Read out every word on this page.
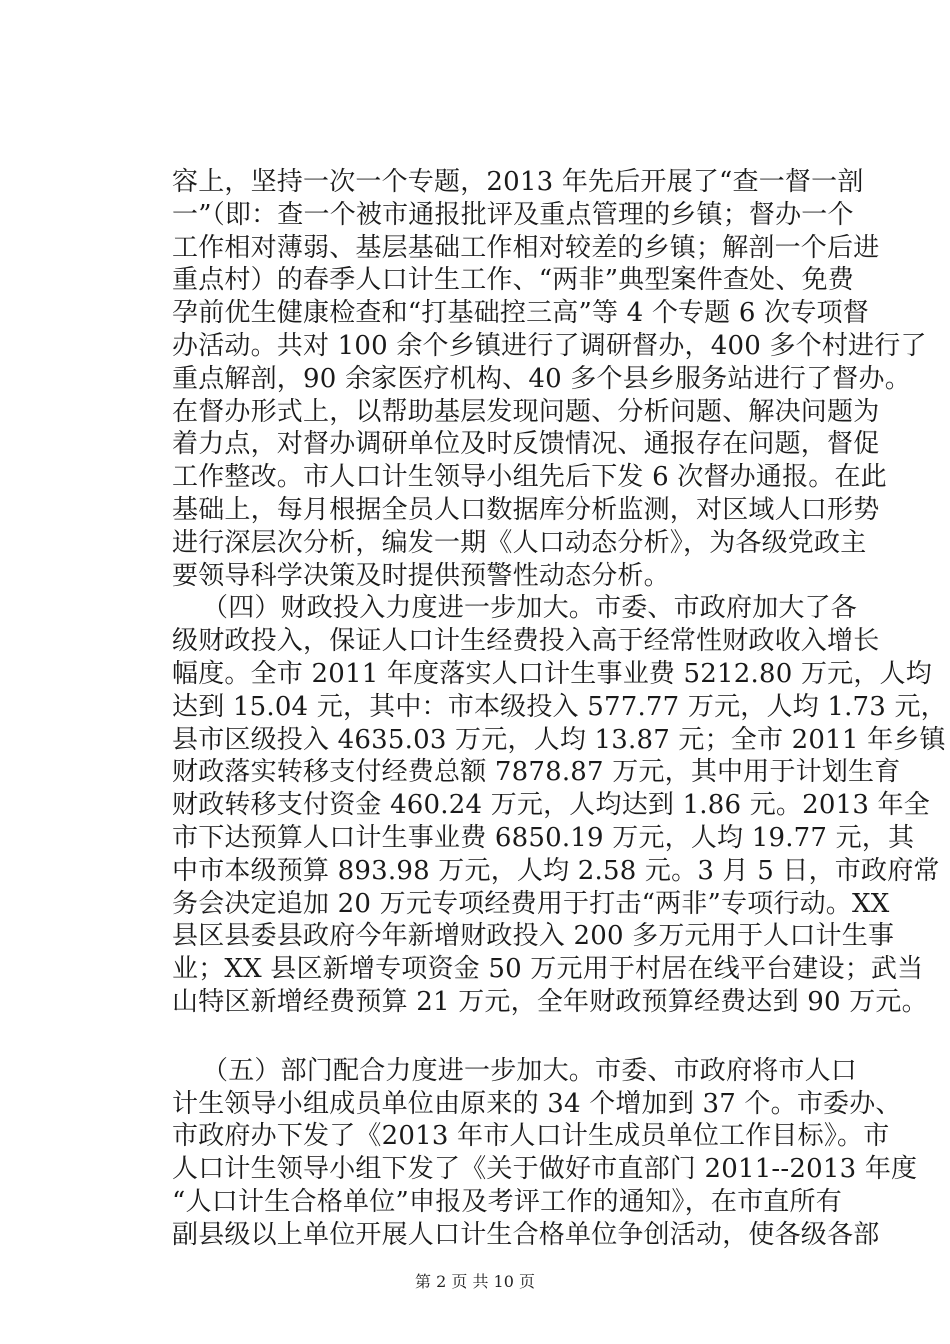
容上，坚持一次一个专题，2013 年先后开展了“查一督一剖
一”（即：查一个被市通报批评及重点管理的乡镇；督办一个
工作相对薄弱、基层基础工作相对较差的乡镇；解剖一个后进
重点村）的春季人口计生工作、“两非”典型案件查处、免费
孕前优生健康检查和“打基础控三高”等 4 个专题 6 次专项督
办活动。共对 100 余个乡镇进行了调研督办，400 多个村进行了
重点解剖，90 余家医疗机构、40 多个县乡服务站进行了督办。
在督办形式上，以帮助基层发现问题、分析问题、解决问题为
着力点，对督办调研单位及时反馈情况、通报存在问题，督促
工作整改。市人口计生领导小组先后下发 6 次督办通报。在此
基础上，每月根据全员人口数据库分析监测，对区域人口形势
进行深层次分析，编发一期《人口动态分析》，为各级党政主
要领导科学决策及时提供预警性动态分析。
（四）财政投入力度进一步加大。市委、市政府加大了各
级财政投入，保证人口计生经费投入高于经常性财政收入增长
幅度。全市 2011 年度落实人口计生事业费 5212.80 万元，人均
达到 15.04 元，其中：市本级投入 577.77 万元，人均 1.73 元，
县市区级投入 4635.03 万元，人均 13.87 元；全市 2011 年乡镇
财政落实转移支付经费总额 7878.87 万元，其中用于计划生育
财政转移支付资金 460.24 万元，人均达到 1.86 元。2013 年全
市下达预算人口计生事业费 6850.19 万元，人均 19.77 元，其
中市本级预算 893.98 万元，人均 2.58 元。3 月 5 日，市政府常
务会决定追加 20 万元专项经费用于打击“两非”专项行动。XX
县区县委县政府今年新增财政投入 200 多万元用于人口计生事
业；XX 县区新增专项资金 50 万元用于村居在线平台建设；武当
山特区新增经费预算 21 万元，全年财政预算经费达到 90 万元。
（五）部门配合力度进一步加大。市委、市政府将市人口
计生领导小组成员单位由原来的 34 个增加到 37 个。市委办、
市政府办下发了《2013 年市人口计生成员单位工作目标》。市
人口计生领导小组下发了《关于做好市直部门 2011--2013 年度
“人口计生合格单位”申报及考评工作的通知》，在市直所有
副县级以上单位开展人口计生合格单位争创活动，使各级各部
第 2 页 共 10 页
